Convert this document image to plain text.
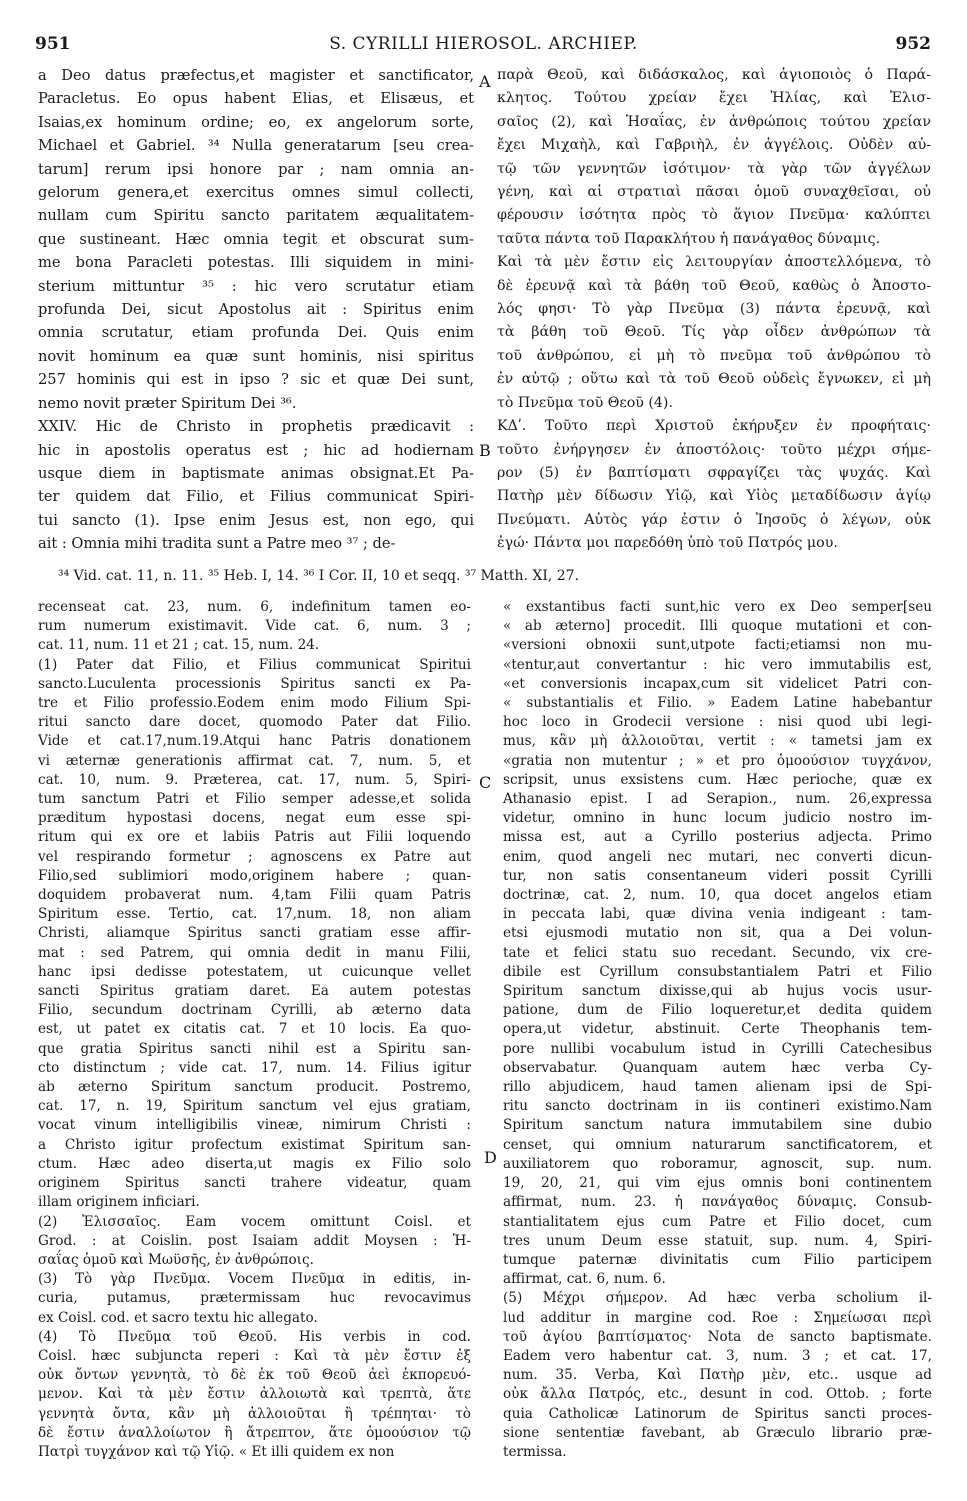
951	S. CYRILLI HIEROSOL. ARCHIEP.	952
A
B
C
D
a Deo datus præfectus,et magister et sanctificator,
Paracletus. Eo opus habent Elias, et Elisæus, et
Isaias,ex hominum ordine; eo, ex angelorum sorte,
Michael et Gabriel. ³⁴ Nulla generatarum [seu crea-
tarum] rerum ipsi honore par ; nam omnia an-
gelorum genera,et exercitus omnes simul collecti,
nullam cum Spiritu sancto paritatem æqualitatem-
que sustineant. Hæc omnia tegit et obscurat sum-
me bona Paracleti potestas. Illi siquidem in mini-
sterium mittuntur ³⁵ : hic vero scrutatur etiam
profunda Dei, sicut Apostolus ait : Spiritus enim
omnia scrutatur, etiam profunda Dei. Quis enim
novit hominum ea quæ sunt hominis, nisi spiritus
257 hominis qui est in ipso ? sic et quæ Dei sunt,
nemo novit præter Spiritum Dei ³⁶.
XXIV. Hic de Christo in prophetis prædicavit :
hic in apostolis operatus est ; hic ad hodiernam
usque diem in baptismate animas obsignat.Et Pa-
ter quidem dat Filio, et Filius communicat Spiri-
tui sancto (1). Ipse enim Jesus est, non ego, qui
ait : Omnia mihi tradita sunt a Patre meo ³⁷ ; de-
παρὰ Θεοῦ, καὶ διδάσκαλος, καὶ ἁγιοποιὸς ὁ Παρά-
κλητος. Τούτου χρείαν ἔχει Ἠλίας, καὶ Ἐλισ-
σαῖος (2), καὶ Ἡσαΐας, ἐν ἀνθρώποις τούτου χρείαν
ἔχει Μιχαὴλ, καὶ Γαβριὴλ, ἐν ἀγγέλοις. Οὐδὲν αὐ-
τῷ τῶν γεννητῶν ἰσότιμον· τὰ γὰρ τῶν ἀγγέλων
γένη, καὶ αἱ στρατιαὶ πᾶσαι ὁμοῦ συναχθεῖσαι, οὐ
φέρουσιν ἰσότητα πρὸς τὸ ἅγιον Πνεῦμα· καλύπτει
ταῦτα πάντα τοῦ Παρακλήτου ἡ πανάγαθος δύναμις.
Καὶ τὰ μὲν ἔστιν εἰς λειτουργίαν ἀποστελλόμενα, τὸ
δὲ ἐρευνᾷ καὶ τὰ βάθη τοῦ Θεοῦ, καθὼς ὁ Ἀποστο-
λός φησι· Τὸ γὰρ Πνεῦμα (3) πάντα ἐρευνᾷ, καὶ
τὰ βάθη τοῦ Θεοῦ. Τίς γὰρ οἶδεν ἀνθρώπων τὰ
τοῦ ἀνθρώπου, εἰ μὴ τὸ πνεῦμα τοῦ ἀνθρώπου τὸ
ἐν αὐτῷ ; οὕτω καὶ τὰ τοῦ Θεοῦ οὐδεὶς ἔγνωκεν, εἰ μὴ
τὸ Πνεῦμα τοῦ Θεοῦ (4).
ΚΔʹ. Τοῦτο περὶ Χριστοῦ ἐκήρυξεν ἐν προφήταις·
τοῦτο ἐνήργησεν ἐν ἀποστόλοις· τοῦτο μέχρι σήμε-
ρον (5) ἐν βαπτίσματι σφραγίζει τὰς ψυχάς. Καὶ
Πατὴρ μὲν δίδωσιν Υἱῷ, καὶ Υἱὸς μεταδίδωσιν ἁγίῳ
Πνεύματι. Αὐτὸς γάρ ἐστιν ὁ Ἰησοῦς ὁ λέγων, οὐκ
ἐγώ· Πάντα μοι παρεδόθη ὑπὸ τοῦ Πατρός μου.
³⁴ Vid. cat. 11, n. 11. ³⁵ Heb. I, 14. ³⁶ I Cor. II, 10 et seqq. ³⁷ Matth. XI, 27.
recenseat cat. 23, num. 6, indefinitum tamen eo-
rum numerum existimavit. Vide cat. 6, num. 3 ;
cat. 11, num. 11 et 21 ; cat. 15, num. 24.
(1) Pater dat Filio, et Filius communicat Spiritui
sancto.Luculenta processionis Spiritus sancti ex Pa-
tre et Filio professio.Eodem enim modo Filium Spi-
ritui sancto dare docet, quomodo Pater dat Filio.
Vide et cat.17,num.19.Atqui hanc Patris donationem
vi æternæ generationis affirmat cat. 7, num. 5, et
cat. 10, num. 9. Præterea, cat. 17, num. 5, Spiri-
tum sanctum Patri et Filio semper adesse,et solida
præditum hypostasi docens, negat eum esse spi-
ritum qui ex ore et labiis Patris aut Filii loquendo
vel respirando formetur ; agnoscens ex Patre aut
Filio,sed sublimiori modo,originem habere ; quan-
doquidem probaverat num. 4,tam Filii quam Patris
Spiritum esse. Tertio, cat. 17,num. 18, non aliam
Christi, aliamque Spiritus sancti gratiam esse affir-
mat : sed Patrem, qui omnia dedit in manu Filii,
hanc ipsi dedisse potestatem, ut cuicunque vellet
sancti Spiritus gratiam daret. Ea autem potestas
Filio, secundum doctrinam Cyrilli, ab æterno data
est, ut patet ex citatis cat. 7 et 10 locis. Ea quo-
que gratia Spiritus sancti nihil est a Spiritu san-
cto distinctum ; vide cat. 17, num. 14. Filius igitur
ab æterno Spiritum sanctum producit. Postremo,
cat. 17, n. 19, Spiritum sanctum vel ejus gratiam,
vocat vinum intelligibilis vineæ, nimirum Christi :
a Christo igitur profectum existimat Spiritum san-
ctum. Hæc adeo diserta,ut magis ex Filio solo
originem Spiritus sancti trahere videatur, quam
illam originem inficiari.
(2) Ἐλισσαῖος. Eam vocem omittunt Coisl. et
Grod. : at Coislin. post Isaiam addit Moysen : Ἡ-
σαΐας ὁμοῦ καὶ Μωϋσῆς, ἐν ἀνθρώποις.
(3) Τὸ γὰρ Πνεῦμα. Vocem Πνεῦμα in editis, in-
curia, putamus, prætermissam huc revocavimus
ex Coisl. cod. et sacro textu hic allegato.
(4) Τὸ Πνεῦμα τοῦ Θεοῦ. His verbis in cod.
Coisl. hæc subjuncta reperi : Καὶ τὰ μὲν ἔστιν ἐξ
οὐκ ὄντων γεννητὰ, τὸ δὲ ἐκ τοῦ Θεοῦ ἀεὶ ἐκπορευό-
μενον. Καὶ τὰ μὲν ἔστιν ἀλλοιωτὰ καὶ τρεπτὰ, ἅτε
γεννητὰ ὄντα, κἂν μὴ ἀλλοιοῦται ἢ τρέπηται· τὸ
δὲ ἔστιν ἀναλλοίωτον ἢ ἄτρεπτον, ἅτε ὁμοούσιον τῷ
Πατρὶ τυγχάνον καὶ τῷ Υἱῷ. « Et illi quidem ex non
« exstantibus facti sunt,hic vero ex Deo semper[seu
« ab æterno] procedit. Illi quoque mutationi et con-
«versioni obnoxii sunt,utpote facti;etiamsi non mu-
«tentur,aut convertantur : hic vero immutabilis est,
«et conversionis incapax,cum sit videlicet Patri con-
« substantialis et Filio. » Eadem Latine habebantur
hoc loco in Grodecii versione : nisi quod ubi legi-
mus, κἂν μὴ ἀλλοιοῦται, vertit : « tametsi jam ex
«gratia non mutentur ; » et pro ὁμοούσιον τυγχάνον,
scripsit, unus exsistens cum. Hæc perioche, quæ ex
Athanasio epist. I ad Serapion., num. 26,expressa
videtur, omnino in hunc locum judicio nostro im-
missa est, aut a Cyrillo posterius adjecta. Primo
enim, quod angeli nec mutari, nec converti dicun-
tur, non satis consentaneum videri possit Cyrilli
doctrinæ, cat. 2, num. 10, qua docet angelos etiam
in peccata labi, quæ divina venia indigeant : tam-
etsi ejusmodi mutatio non sit, qua a Dei volun-
tate et felici statu suo recedant. Secundo, vix cre-
dibile est Cyrillum consubstantialem Patri et Filio
Spiritum sanctum dixisse,qui ab hujus vocis usur-
patione, dum de Filio loqueretur,et dedita quidem
opera,ut videtur, abstinuit. Certe Theophanis tem-
pore nullibi vocabulum istud in Cyrilli Catechesibus
observabatur. Quanquam autem hæc verba Cy-
rillo abjudicem, haud tamen alienam ipsi de Spi-
ritu sancto doctrinam in iis contineri existimo.Nam
Spiritum sanctum natura immutabilem sine dubio
censet, qui omnium naturarum sanctificatorem, et
auxiliatorem quo roboramur, agnoscit, sup. num.
19, 20, 21, qui vim ejus omnis boni continentem
affirmat, num. 23. ἡ πανάγαθος δύναμις. Consub-
stantialitatem ejus cum Patre et Filio docet, cum
tres unum Deum esse statuit, sup. num. 4, Spiri-
tumque paternæ divinitatis cum Filio participem
affirmat, cat. 6, num. 6.
(5) Μέχρι σήμερον. Ad hæc verba scholium il-
lud additur in margine cod. Roe : Σημείωσαι περὶ
τοῦ ἁγίου βαπτίσματος· Nota de sancto baptismate.
Eadem vero habentur cat. 3, num. 3 ; et cat. 17,
num. 35. Verba, Καὶ Πατὴρ μὲν, etc.. usque ad
οὐκ ἄλλα Πατρός, etc., desunt in cod. Ottob. ; forte
quia Catholicæ Latinorum de Spiritus sancti proces-
sione sententiæ favebant, ab Græculo librario præ-
termissa.
